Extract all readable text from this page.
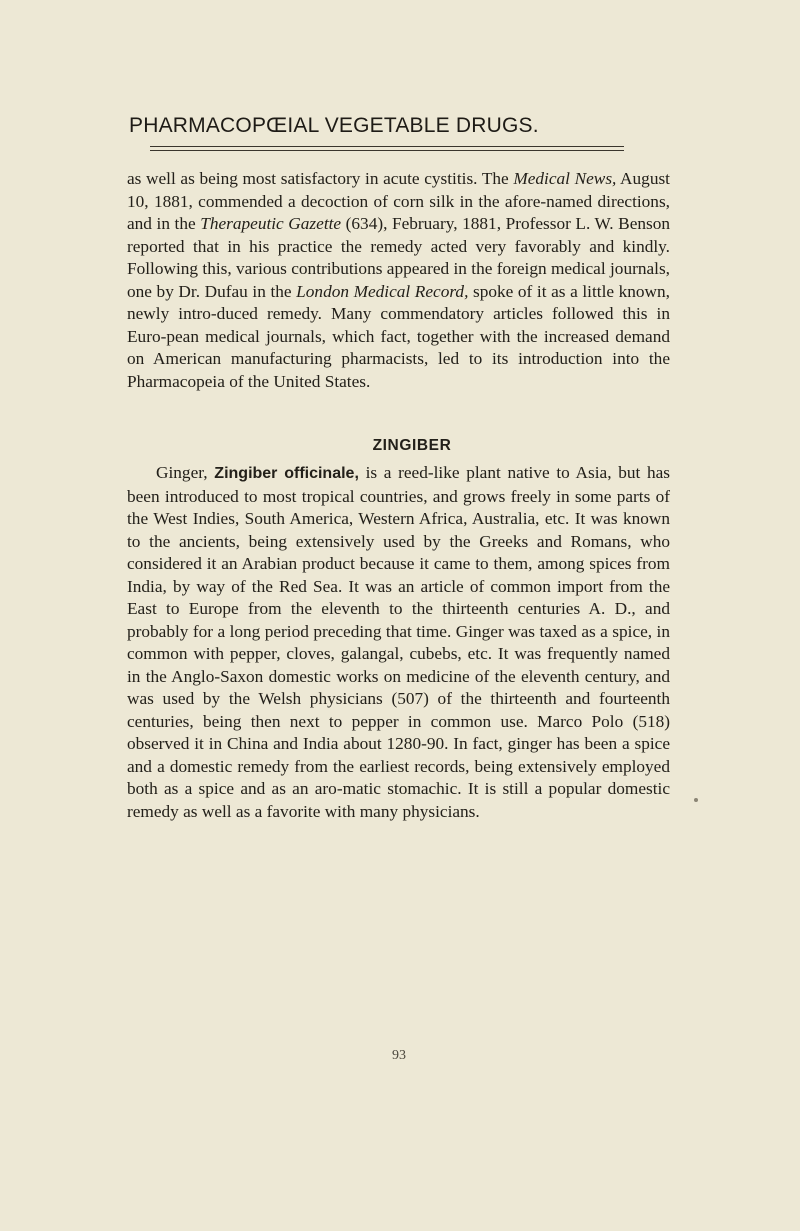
PHARMACOPŒIAL VEGETABLE DRUGS.

as well as being most satisfactory in acute cystitis. The Medical News, August 10, 1881, commended a decoction of corn silk in the afore-named directions, and in the Therapeutic Gazette (634), February, 1881, Professor L. W. Benson reported that in his practice the remedy acted very favorably and kindly. Following this, various contributions appeared in the foreign medical journals, one by Dr. Dufau in the London Medical Record, spoke of it as a little known, newly intro-duced remedy. Many commendatory articles followed this in Euro-pean medical journals, which fact, together with the increased demand on American manufacturing pharmacists, led to its introduction into the Pharmacopeia of the United States.

ZINGIBER

Ginger, Zingiber officinale, is a reed-like plant native to Asia, but has been introduced to most tropical countries, and grows freely in some parts of the West Indies, South America, Western Africa, Australia, etc. It was known to the ancients, being extensively used by the Greeks and Romans, who considered it an Arabian product because it came to them, among spices from India, by way of the Red Sea. It was an article of common import from the East to Europe from the eleventh to the thirteenth centuries A. D., and probably for a long period preceding that time. Ginger was taxed as a spice, in common with pepper, cloves, galangal, cubebs, etc. It was frequently named in the Anglo-Saxon domestic works on medicine of the eleventh century, and was used by the Welsh physicians (507) of the thirteenth and fourteenth centuries, being then next to pepper in common use. Marco Polo (518) observed it in China and India about 1280-90. In fact, ginger has been a spice and a domestic remedy from the earliest records, being extensively employed both as a spice and as an aro-matic stomachic. It is still a popular domestic remedy as well as a favorite with many physicians.

93
